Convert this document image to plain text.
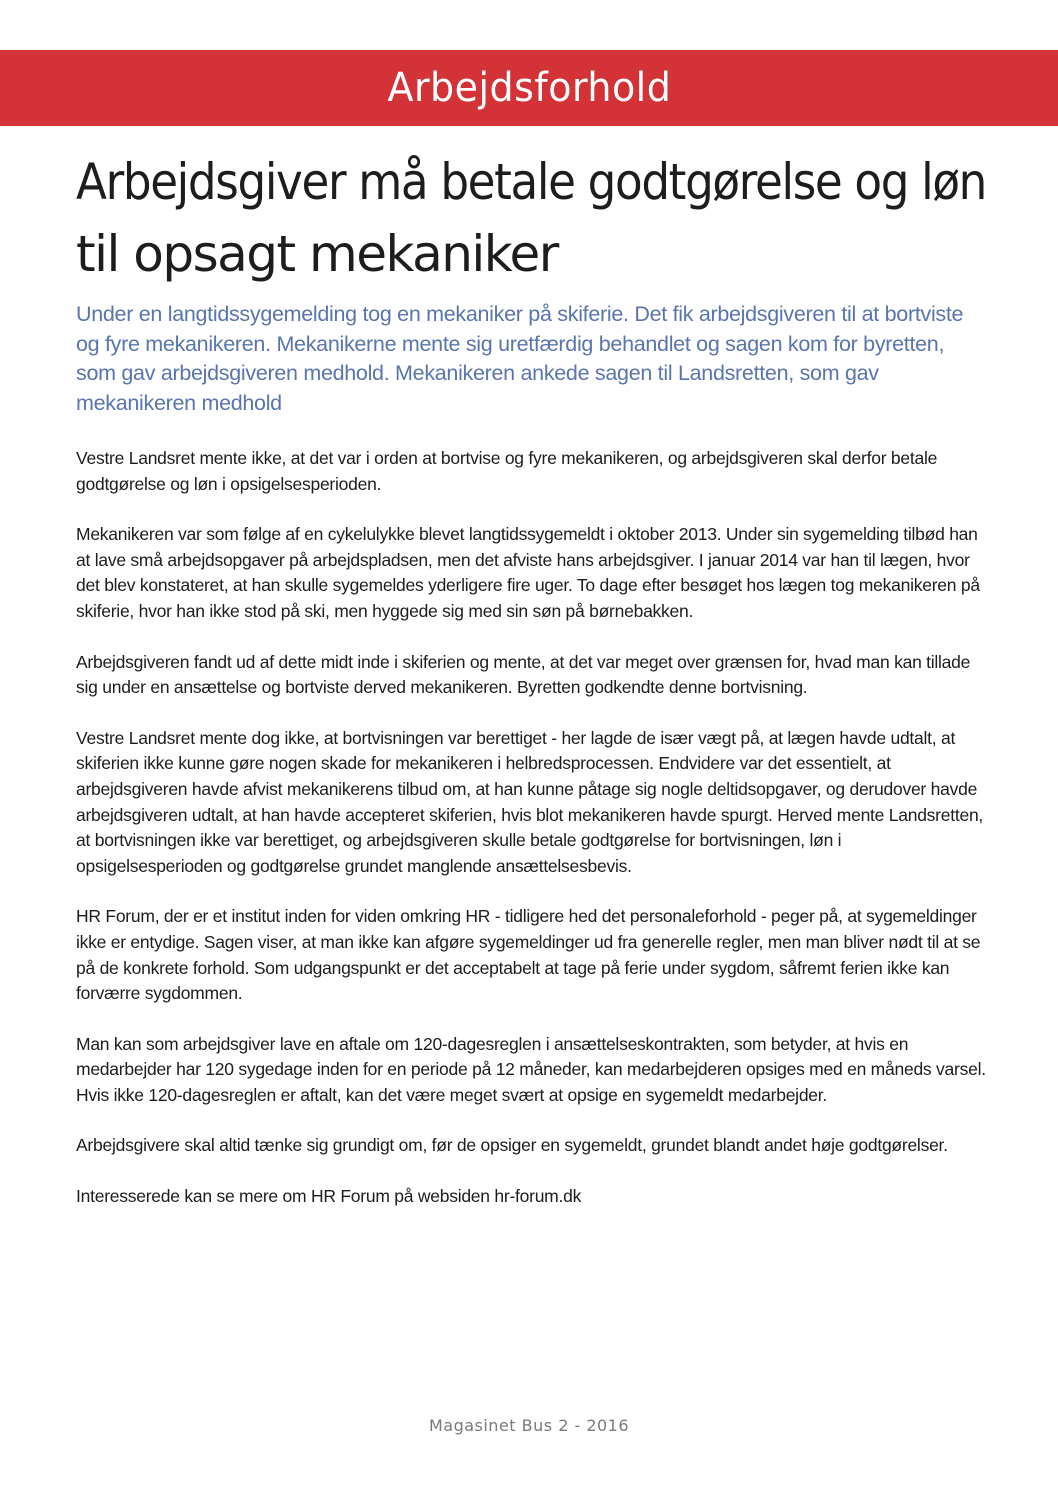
Arbejdsforhold
Arbejdsgiver må betale godtgørelse og løn
til opsagt mekaniker

Under en langtidssygemelding tog en mekaniker på skiferie. Det fik arbejdsgiveren til at bortviste og fyre mekanikeren. Mekanikerne mente sig uretfærdig behandlet og sagen kom for byretten, som gav arbejdsgiveren medhold. Mekanikeren ankede sagen til Landsretten, som gav mekanikeren medhold

Vestre Landsret mente ikke, at det var i orden at bortvise og fyre mekanikeren, og arbejdsgiveren skal derfor betale godtgørelse og løn i opsigelsesperioden.

Mekanikeren var som følge af en cykelulykke blevet langtidssygemeldt i oktober 2013. Under sin sygemelding tilbød han at lave små arbejdsopgaver på arbejdspladsen, men det afviste hans arbejdsgiver. I januar 2014 var han til lægen, hvor det blev konstateret, at han skulle sygemeldes yderligere fire uger. To dage efter besøget hos lægen tog mekanikeren på skiferie, hvor han ikke stod på ski, men hyggede sig med sin søn på børnebakken.

Arbejdsgiveren fandt ud af dette midt inde i skiferien og mente, at det var meget over grænsen for, hvad man kan tillade sig under en ansættelse og bortviste derved mekanikeren. Byretten godkendte denne bortvisning.

Vestre Landsret mente dog ikke, at bortvisningen var berettiget - her lagde de især vægt på, at lægen havde udtalt, at skiferien ikke kunne gøre nogen skade for mekanikeren i helbredsprocessen. Endvidere var det essentielt, at arbejdsgiveren havde afvist mekanikerens tilbud om, at han kunne påtage sig nogle deltidsopgaver, og derudover havde arbejdsgiveren udtalt, at han havde accepteret skiferien, hvis blot mekanikeren havde spurgt. Herved mente Landsretten, at bortvisningen ikke var berettiget, og arbejdsgiveren skulle betale godtgørelse for bortvisningen, løn i opsigelsesperioden og godtgørelse grundet manglende ansættelsesbevis.

HR Forum, der er et institut inden for viden omkring HR - tidligere hed det personaleforhold - peger på, at sygemeldinger ikke er entydige. Sagen viser, at man ikke kan afgøre sygemeldinger ud fra generelle regler, men man bliver nødt til at se på de konkrete forhold. Som udgangspunkt er det acceptabelt at tage på ferie under sygdom, såfremt ferien ikke kan forværre sygdommen.

Man kan som arbejdsgiver lave en aftale om 120-dagesreglen i ansættelseskontrakten, som betyder, at hvis en medarbejder har 120 sygedage inden for en periode på 12 måneder, kan medarbejderen opsiges med en måneds varsel. Hvis ikke 120-dagesreglen er aftalt, kan det være meget svært at opsige en sygemeldt medarbejder.

Arbejdsgivere skal altid tænke sig grundigt om, før de opsiger en sygemeldt, grundet blandt andet høje godtgørelser.

Interesserede kan se mere om HR Forum på websiden hr-forum.dk

Magasinet Bus 2 - 2016
